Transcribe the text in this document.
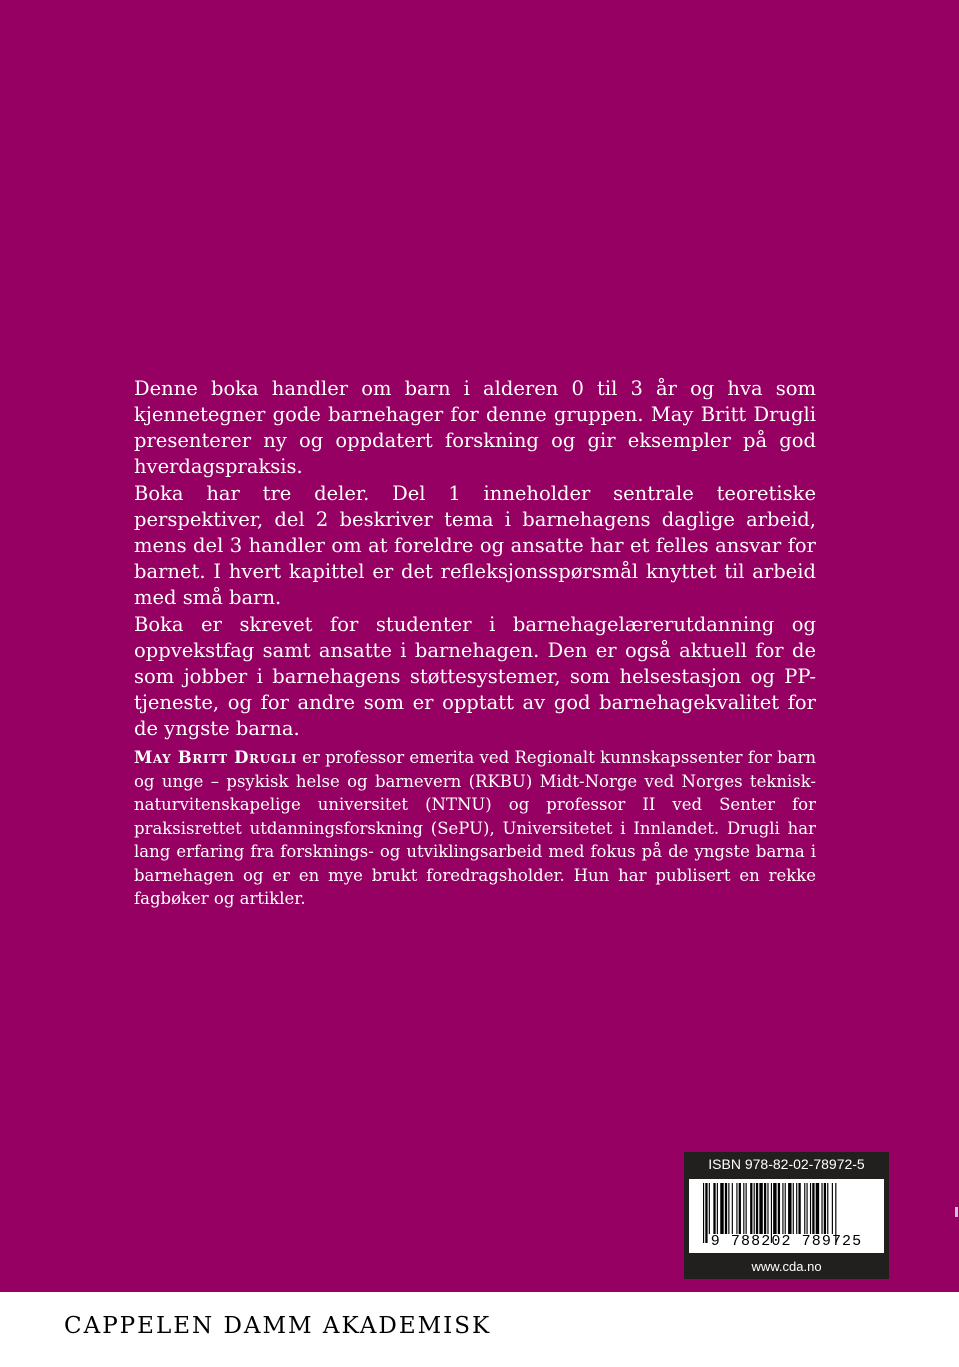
Denne boka handler om barn i alderen 0 til 3 år og hva som kjennetegner gode barnehager for denne gruppen. May Britt Drugli presenterer ny og oppdatert forskning og gir eksempler på god hverdagspraksis.

Boka har tre deler. Del 1 inneholder sentrale teoretiske perspektiver, del 2 beskriver tema i barnehagens daglige arbeid, mens del 3 handler om at foreldre og ansatte har et felles ansvar for barnet. I hvert kapittel er det refleksjonsspørsmål knyttet til arbeid med små barn.

Boka er skrevet for studenter i barnehagelærerutdanning og oppvekstfag samt ansatte i barnehagen. Den er også aktuell for de som jobber i barnehagens støttesystemer, som helsestasjon og PP-tjeneste, og for andre som er opptatt av god barnehagekvalitet for de yngste barna.

May Britt Drugli er professor emerita ved Regionalt kunnskapssenter for barn og unge – psykisk helse og barnevern (RKBU) Midt-Norge ved Norges teknisk-naturvitenskapelige universitet (NTNU) og professor II ved Senter for praksisrettet utdanningsforskning (SePU), Universitetet i Innlandet. Drugli har lang erfaring fra forsknings- og utviklingsarbeid med fokus på de yngste barna i barnehagen og er en mye brukt foredragsholder. Hun har publisert en rekke fagbøker og artikler.

ISBN 978-82-02-78972-5
9 788202 789725
www.cda.no

CAPPELEN DAMM AKADEMISK
